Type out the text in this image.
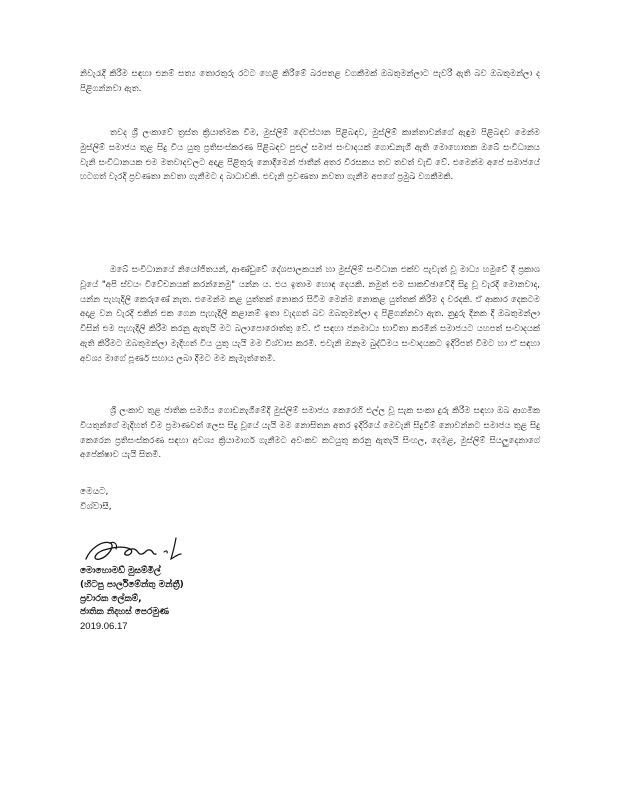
නිවැරැදි කිරීම සඳහා එනම් සත්‍ය තොරතුරු රටට හෙළි කිරීමේ බරපතළ වගකීමක් ඔබතුමන්ලාට පැවරී ඇති බව ඔබතුමන්ලා ද පිළිගන්නවා ඇත.

තවද ශ්‍රී ලංකාවේ ත්‍රස්ත ක්‍රියාත්මක වීම, මුස්ලිම් දේවස්ථාන පිළිබඳව, මුස්ලිම් කාන්තාවන්ගේ ඇඳුම පිළිබඳව මෙන්ම මුස්ලිම් සමාජය තුළ සිදු විය යුතු ප්‍රතිසංස්කරණ පිළිබඳව පුළුල් සමාජ සංවාදයක් ගොඩනැගී ඇති මොහොතක ඔබේ සංවිධානය වැනි සංවිධානයක එම මතවාදවලට අදාළ පිළිතුරු නොදීමෙන් ජාතීන් අතර විරසකය තව තවත් වැඩි වේ. එමෙන්ම අපේ සමාජයේ හටගත් වැරදි ප්‍රවණතා නවතා ගැනීමට ද බාධාවකි. එවැනි ප්‍රවණතා නවතා ගැනීම අපගේ ප්‍රමුඛ වගකීමකි.

ඔබේ සංවිධානයේ නියෝජිතයන්, ආණ්ඩුවේ දේශපාලකයන් හා මුස්ලිම් සංවිධාන එක්ව පැවැත් වූ මාධ්‍ය හමුවේ දී ප්‍රකාශ වූයේ "අපි ස්වයං විවේචනයක් කරන්නෙමු" යන්න ය. එය ඉතාම හොඳ දෙයකි. නමුත් එම සාකච්ඡාවේදී සිදු වූ වැරදි මොනවාද, යන්න පැහැදිලි කෙරුණේ නැත. එමෙන්ම කළ යුත්තක් නොකර සිටීම මෙන්ම නොකළ යුත්තක් කිරීම ද වරදකි. ඒ ආකාර දෙකටම අදාළ වන වැරදි එකින් එක ගෙන පැහැදිලි කළානම් ඉතා වැදගත් බව ඔබතුමන්ලා ද පිළිගන්නවා ඇත. නුදුරු දිනක දී ඔබතුමන්ලා විසින් එම පැහැදිලි කිරීම කරනු ඇතැයි මට බලාපොරොත්තු වේ. ඒ සඳහා ජනමාධ්‍ය භාවිතා කරමින් සමාජයට යහපත් සංවාදයක් ඇති කිරීමට ඔබතුමන්ලා මැදිහත් විය යුතු යැයි මම විශ්වාස කරමි. එවැනි ඔනෑම බුද්ධිමය සංවාදයකට ඉදිරිපත් වීමට හා ඒ සඳහා අවශ්‍ය මාගේ පූර්ණ සහාය ලබා දීමට මම කැමැත්තෙමි.

ශ්‍රී ලංකාව තුළ ජාතික සමගිය ගොඩනැගීමේදී මුස්ලිම් සමාජය කෙරෙහි එල්ල වූ සැක සංකා දුරු කිරීම සඳහා ඔබ ආගමික වියතුන්ගේ මැදිහත් වීම ප්‍රමාණවත් ලෙස සිදු වූයේ යැයි මම නොසිතන අතර ඉදිරියේ මෙවැනි සිදුවීම් නොවන්නට සමාජය තුළ සිදු කෙරෙන ප්‍රතිසංස්කරණ සඳහා අවශ්‍ය ක්‍රියාමාර්ග ගැනීමට අවංකව කටයුතු කරනු ඇතැයි සිංහල, දෙමළ, මුස්ලිම් සියලුදෙනාගේ අපේක්ෂාව යැයි සිතමි.

මෙයට,

විශ්වාසී,

මොහොමඩ් මුසම්මිල්
(හිටපු පාර්ලිමේන්තු මන්ත්‍රී)
ප්‍රචාරක ලේකම්,
ජාතික නිදහස් පෙරමුණ
2019.06.17
